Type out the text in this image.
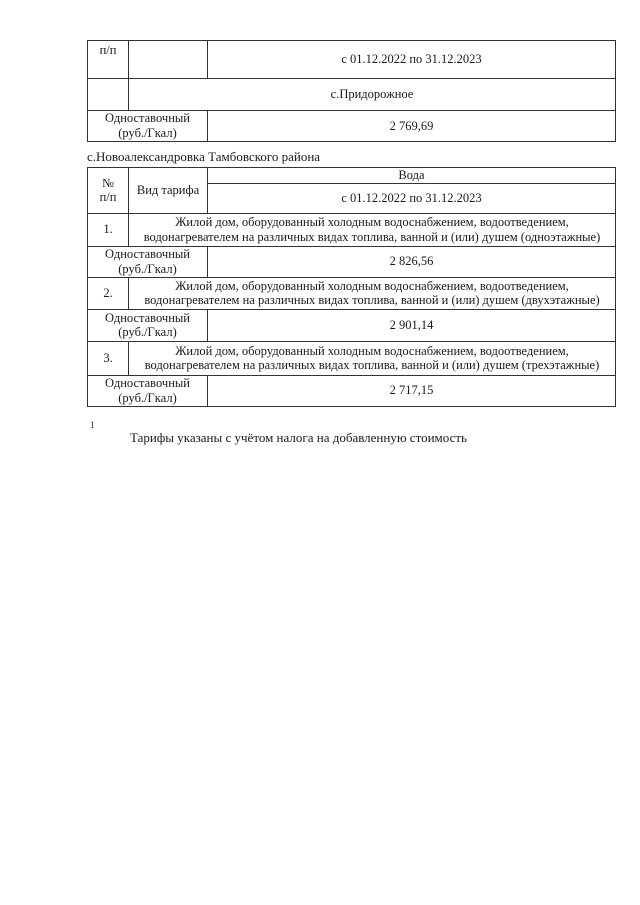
п/п		с 01.12.2022 по 31.12.2023
	с.Придорожное	

Одноставочный
(руб./Гкал)		2 769,69
с.Новоалександровка Тамбовского района
№
п/п	Вид тарифа	Вода
		с 01.12.2022 по 31.12.2023
1.	Жилой дом, оборудованный холодным водоснабжением, водоотведением,
водонагревателем на различных видах топлива, ванной и (или) душем (одноэтажные)	

Одноставочный
(руб./Гкал)		2 826,56
2.	Жилой дом, оборудованный холодным водоснабжением, водоотведением,
водонагревателем на различных видах топлива, ванной и (или) душем (двухэтажные)	

Одноставочный
(руб./Гкал)		2 901,14
3.	Жилой дом, оборудованный холодным водоснабжением, водоотведением,
водонагревателем на различных видах топлива, ванной и (или) душем (трехэтажные)	

Одноставочный
(руб./Гкал)		2 717,15
1
Тарифы указаны с учётом налога на добавленную стоимость
